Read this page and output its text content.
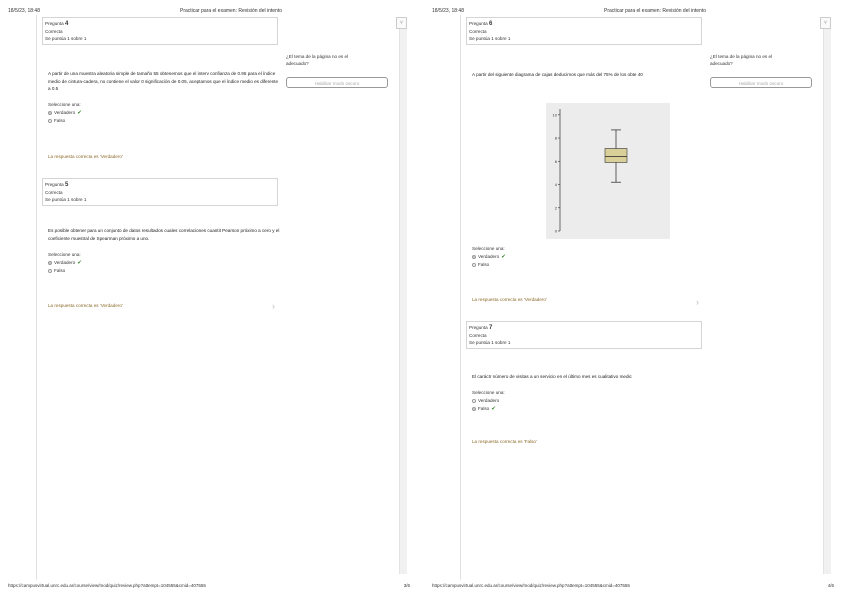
18/5/23, 18:48	Practicar para el examen: Revisión del intento
˅
Pregunta 4
Correcta
Se puntúa 1 sobre 1
A partir de una muestra aleatoria simple de tamaño 55 obtenemos que el interv confianza de 0.95 para el índice medio de cintura-cadera, no contiene el valor 0 significación de 0.05, aceptamos que el índice medio es diferente a 0.5
Seleccione una:
Verdadero ✔
Falso
La respuesta correcta es 'Verdadero'
Pregunta 5
Correcta
Se puntúa 1 sobre 1
Es posible obtener para un conjunto de datos resultados cuales correlaciones cuantit Pearson próximo a cero y el coeficiente muestral de Spearman próximo a uno.
Seleccione una:
Verdadero ✔
Falso
La respuesta correcta es 'Verdadero'	›
¿El tema de la página no es el adecuado?
Habilitar modo oscuro
https://campusvirtual.unrc.edu.ar/course/view/mod/quiz/review.php?attempt=104555&cmid=407555	3/6
18/5/23, 18:48	Practicar para el examen: Revisión del intento
˅
Pregunta 6
Correcta
Se puntúa 1 sobre 1
A partir del siguiente diagrama de cajas deducimos que más del 75% de los obte 40
10
8
6
4
2
0
Seleccione una:
Verdadero ✔
Falso
La respuesta correcta es 'Verdadero'	›
Pregunta 7
Correcta
Se puntúa 1 sobre 1
El caráctr número de visitas a un servicio en el último mes es cualitativo medic
Seleccione una:
Verdadero
Falso ✔
La respuesta correcta es 'Falso'
¿El tema de la página no es el adecuado?
Habilitar modo oscuro
https://campusvirtual.unrc.edu.ar/course/view/mod/quiz/review.php?attempt=104555&cmid=407555	4/6
